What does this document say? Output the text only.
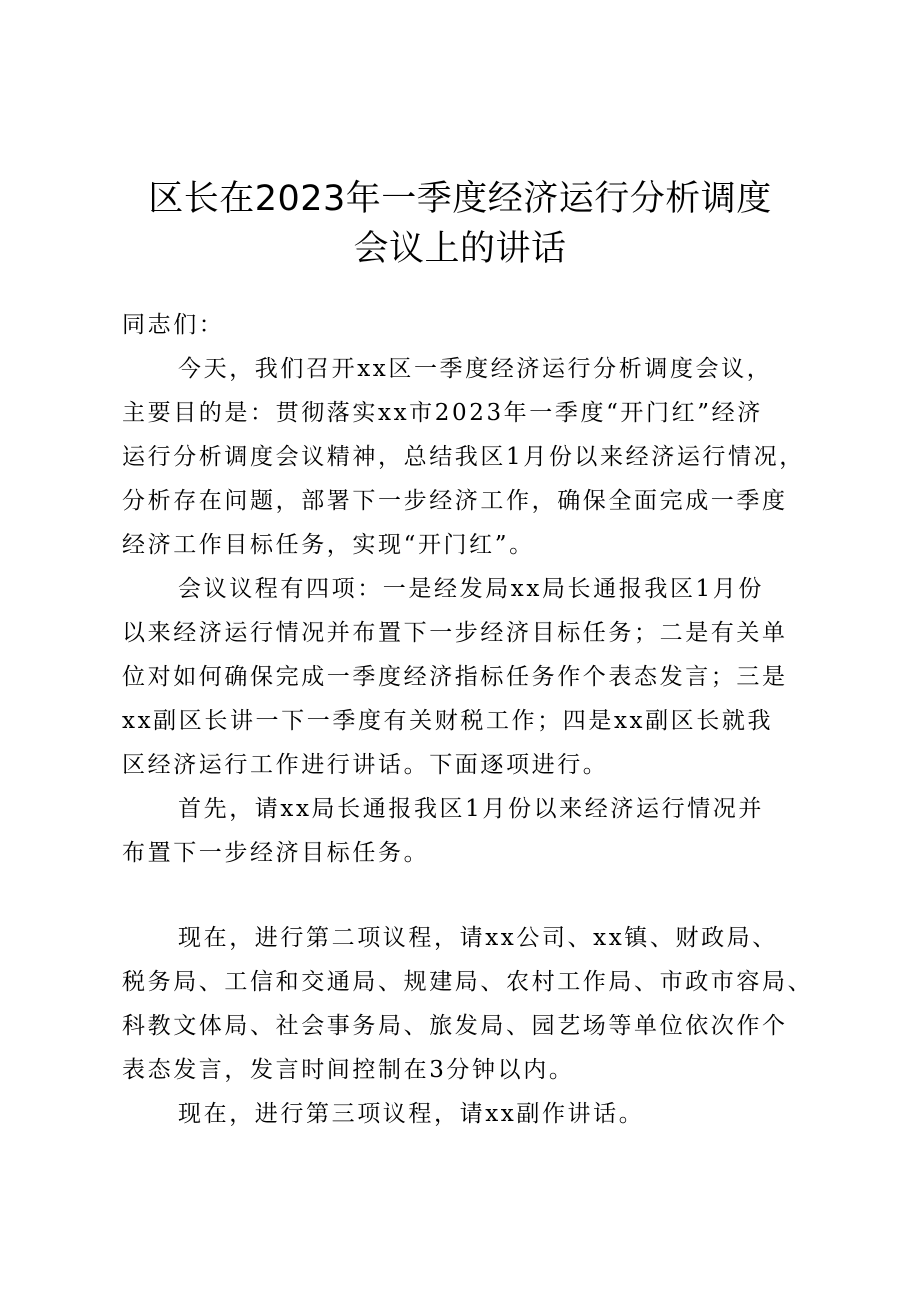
区长在2023年一季度经济运行分析调度
会议上的讲话
同志们：
今天，我们召开xx区一季度经济运行分析调度会议，
主要目的是：贯彻落实xx市2023年一季度“开门红”经济
运行分析调度会议精神，总结我区1月份以来经济运行情况，
分析存在问题，部署下一步经济工作，确保全面完成一季度
经济工作目标任务，实现“开门红”。
会议议程有四项：一是经发局xx局长通报我区1月份
以来经济运行情况并布置下一步经济目标任务；二是有关单
位对如何确保完成一季度经济指标任务作个表态发言；三是
xx副区长讲一下一季度有关财税工作；四是xx副区长就我
区经济运行工作进行讲话。下面逐项进行。
首先，请xx局长通报我区1月份以来经济运行情况并
布置下一步经济目标任务。
现在，进行第二项议程，请xx公司、xx镇、财政局、
税务局、工信和交通局、规建局、农村工作局、市政市容局、
科教文体局、社会事务局、旅发局、园艺场等单位依次作个
表态发言，发言时间控制在3分钟以内。
现在，进行第三项议程，请xx副作讲话。
